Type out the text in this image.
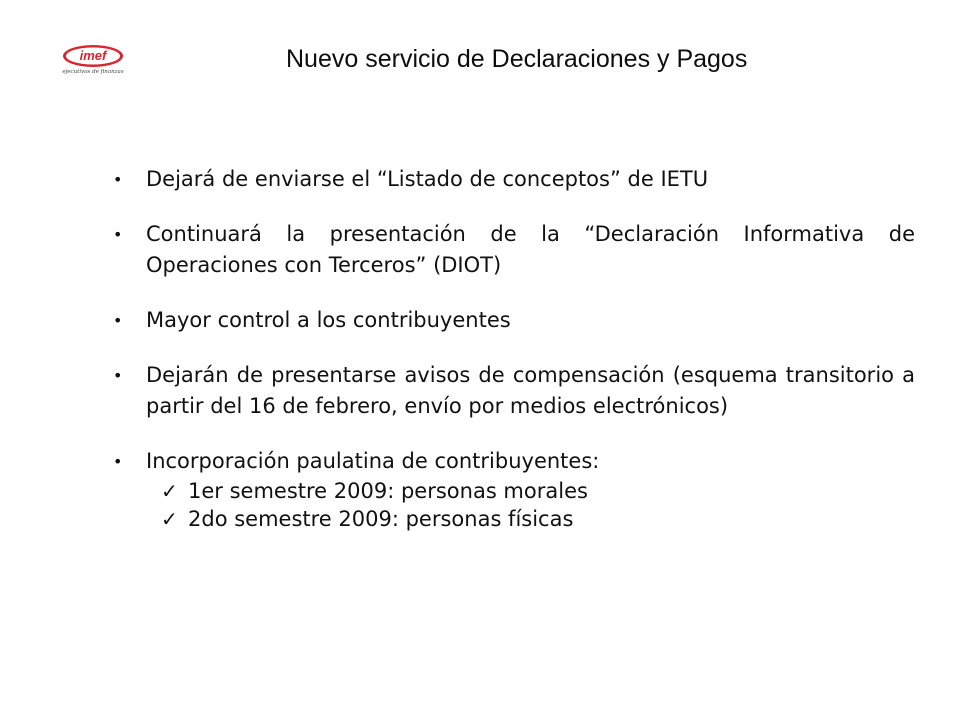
imef
ejecutivos de finanzas	Nuevo servicio de Declaraciones y Pagos
•
Dejará de enviarse el “Listado de conceptos” de IETU
•
Continuará la presentación de la “Declaración Informativa de Operaciones con Terceros” (DIOT)
•
Mayor control a los contribuyentes
•
Dejarán de presentarse avisos de compensación (esquema transitorio a partir del 16 de febrero, envío por medios electrónicos)
•
Incorporación paulatina de contribuyentes:
✓ 1er semestre 2009: personas morales
✓ 2do semestre 2009: personas físicas
